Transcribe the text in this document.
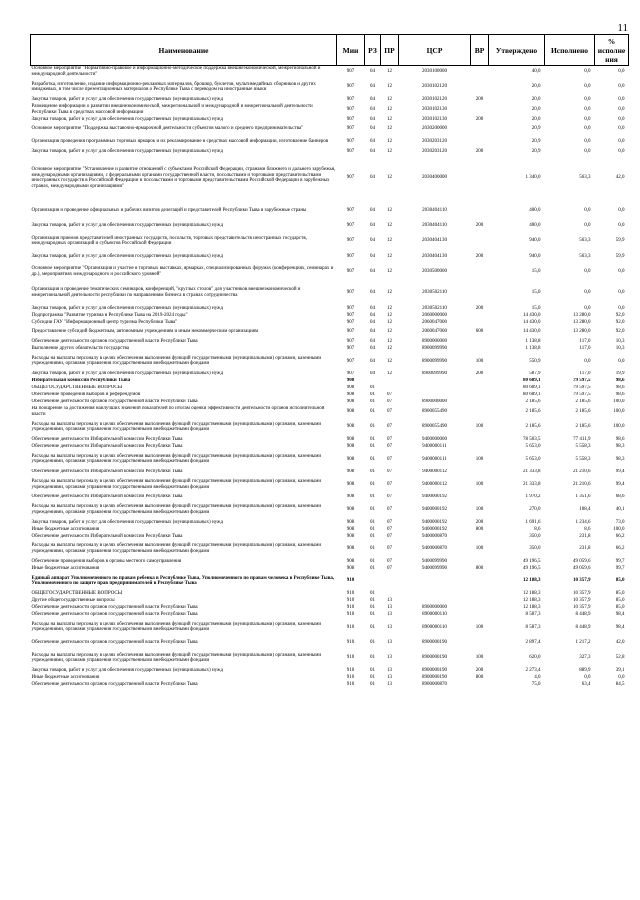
11
Наименование	Мин	РЗ	ПР	ЦСР	ВР	Утверждено	Исполнено	% исполне ния
Основное мероприятие "Нормативно-правовое и информационно-методическое поддержка внешнеэкономической, межрегиональной и международной деятельности"	907	04	12	2030100000		40,0	0,0	0,0
Разработка, изготовление, издание информационно-рекламных материалов, брошюр, буклетов, мультимедийных сборников и других имиджевых, в том числе презентационных материалов о Республике Тыва с переводом на иностранные языки	907	04	12	2030102120		20,0	0,0	0,0
Закупка товаров, работ и услуг для обеспечения государственных (муниципальных) нужд	907	04	12	2030102120	200	20,0	0,0	0,0
Размещение информации о развитии внешнеэкономической, межрегиональной и международной и межрегиональной деятельности Республики Тыва в средствах массовой информации	907	04	12	2030102130		20,0	0,0	0,0
Закупка товаров, работ и услуг для обеспечения государственных (муниципальных) нужд	907	04	12	2030102130	200	20,0	0,0	0,0
Основное мероприятие "Поддержка выставочно-ярмарочной деятельности субъектов малого и среднего предпринимательства"	907	04	12	2030200000		20,9	0,0	0,0
Организация проведения программных торговых ярмарок и их рекламирование в средствах массовой информации, изготовление баннеров	907	04	12	2030203120		20,9	0,0	0,0
Закупка товаров, работ и услуг для обеспечения государственных (муниципальных) нужд	907	04	12	2030203120	200	20,9	0,0	0,0
Основное мероприятие "Установление и развитие отношений с субъектами Российской Федерации, странами ближнего и дальнего зарубежья, международными организациями, с федеральными органами государственной власти, посольствами и торговыми представительствами иностранных государств в Российской Федерации и посольствами и торговыми представительствами Российской Федерации в зарубежных странах, международными организациями"	907	04	12	2030400000		1 340,0	563,3	42,0
Организация и проведение официальных и рабочих визитов делегаций и представителей Республики Тыва в зарубежные страны	907	04	12	2030404110		400,0	0,0	0,0
Закупка товаров, работ и услуг для обеспечения государственных (муниципальных) нужд	907	04	12	2030404110	200	400,0	0,0	0,0
Организация приемов представителей иностранных государств, посольств, торговых представительств иностранных государств, международных организаций и субъектов Российской Федерации	907	04	12	2030404130		940,0	563,3	59,9
Закупка товаров, работ и услуг для обеспечения государственных (муниципальных) нужд	907	04	12	2030404130	200	940,0	563,3	59,9
Основное мероприятие "Организация и участие в торговых выставках, ярмарках, специализированных форумах (конференциях, семинарах и др.), мероприятиях международного и российского уровней"	907	04	12	2030500000		15,0	0,0	0,0
Организация и проведение тематических семинаров, конференций, "круглых столов" для участников внешнеэкономической и межрегиональной деятельности республики по направлениям бизнеса в странах сотрудничества	907	04	12	2030502110		15,0	0,0	0,0
Закупка товаров, работ и услуг для обеспечения государственных (муниципальных) нужд	907	04	12	2030502110	200	15,0	0,0	0,0
Подпрограмма "Развитие туризма в Республике Тыва на 2019-2024 годы"	907	04	12	2060000000		14 430,0	13 280,0	92,0
Субсидии ГАУ "Информационный центр туризма Республики Тыва"	907	04	12	2060047000		14 430,0	13 280,0	92,0
Предоставление субсидий бюджетным, автономным учреждениям и иным некоммерческим организациям	907	04	12	2060047000	600	14 430,0	13 280,0	92,0
Обеспечение деятельности органов государственной власти Республики Тыва	907	04	12	8900000000		1 138,8	117,0	10,3
Выполнение других обязательств государства	907	04	12	8900099990		1 138,8	117,0	10,3
Расходы на выплаты персоналу в целях обеспечения выполнения функций государственными (муниципальными) органами, казенными учреждениями, органами управления государственными внебюджетными фондами	907	04	12	8900099990	100	550,9	0,0	0,0
Закупка товаров, работ и услуг для обеспечения государственных (муниципальных) нужд	907	04	12	8900099990	200	587,9	117,0	19,9
Избирательная комиссия Республики Тыва	908					80 689,1	79 597,5	98,6
ОБЩЕГОСУДАРСТВЕННЫЕ ВОПРОСЫ	908	01				80 689,1	79 597,5	98,6
Обеспечение проведения выборов и референдумов	908	01	07			80 689,1	79 597,5	98,6
Обеспечение деятельности органов государственной власти Республики Тыва	908	01	07	8900000000		2 185,6	2 185,6	100,0
На поощрение за достижения наилучших значений показателей по итогам оценки эффективности деятельности органов исполнительной власти	908	01	07	8900055490		2 185,6	2 185,6	100,0
Расходы на выплаты персоналу в целях обеспечения выполнения функций государственными (муниципальными) органами, казенными учреждениями, органами управления государственными внебюджетными фондами	908	01	07	8900055490	100	2 185,6	2 185,6	100,0
Обеспечение деятельности Избирательной комиссии Республики Тыва	908	01	07	9400000000		78 503,5	77 411,9	98,6
Обеспечение деятельности Избирательной комиссии Республики Тыва	908	01	07	9400000111		5 653,0	5 558,3	98,3
Расходы на выплаты персоналу в целях обеспечения выполнения функций государственными (муниципальными) органами, казенными учреждениями, органами управления государственными внебюджетными фондами	908	01	07	9400000111	100	5 653,0	5 558,3	98,3
Обеспечение деятельности Избирательной комиссии Республики Тыва	908	01	07	9400000112		21 333,8	21 210,6	99,4
Расходы на выплаты персоналу в целях обеспечения выполнения функций государственными (муниципальными) органами, казенными учреждениями, органами управления государственными внебюджетными фондами	908	01	07	9400000112	100	21 333,8	21 210,6	99,4
Обеспечение деятельности Избирательной комиссии Республики Тыва	908	01	07	9400000192		1 970,2	1 351,6	68,6
Расходы на выплаты персоналу в целях обеспечения выполнения функций государственными (муниципальными) органами, казенными учреждениями, органами управления государственными внебюджетными фондами	908	01	07	9400000192	100	270,0	108,4	40,1
Закупка товаров, работ и услуг для обеспечения государственных (муниципальных) нужд	908	01	07	9400000192	200	1 691,6	1 234,6	73,0
Иные бюджетные ассигнования	908	01	07	9400000192	800	8,6	8,6	100,0
Обеспечение деятельности Избирательной комиссии Республики Тыва	908	01	07	9400000870		350,0	231,8	66,2
Расходы на выплаты персоналу в целях обеспечения выполнения функций государственными (муниципальными) органами, казенными учреждениями, органами управления государственными внебюджетными фондами	908	01	07	9400000870	100	350,0	231,8	66,2
Обеспечение проведения выборов в органы местного самоуправления	908	01	07	9400099990		49 196,5	49 059,6	99,7
Иные бюджетные ассигнования	908	01	07	9400099990	800	49 196,5	49 059,6	99,7
Единый аппарат Уполномоченного по правам ребенка в Республике Тыва, Уполномоченного по правам человека в Республике Тыва, Уполномоченного по защите прав предпринимателей в Республике Тыва	910					12 188,3	10 357,9	85,0
ОБЩЕГОСУДАРСТВЕННЫЕ ВОПРОСЫ	910	01				12 188,3	10 357,9	85,0
Другие общегосударственные вопросы	910	01	13			12 188,3	10 357,9	85,0
Обеспечение деятельности органов государственной власти Республики Тыва	910	01	13	8900000000		12 188,3	10 357,9	85,0
Обеспечение деятельности органов государственной власти Республики Тыва	910	01	13	8900000110		8 587,3	8 448,9	98,4
Расходы на выплаты персоналу в целях обеспечения выполнения функций государственными (муниципальными) органами, казенными учреждениями, органами управления государственными внебюджетными фондами	910	01	13	8900000110	100	8 587,3	8 448,9	98,4
Обеспечение деятельности органов государственной власти Республики Тыва	910	01	13	8900000190		2 897,4	1 217,2	42,0
Расходы на выплаты персоналу в целях обеспечения выполнения функций государственными (муниципальными) органами, казенными учреждениями, органами управления государственными внебюджетными фондами	910	01	13	8900000190	100	620,0	327,3	52,8
Закупка товаров, работ и услуг для обеспечения государственных (муниципальных) нужд	910	01	13	8900000190	200	2 273,4	889,9	39,1
Иные бюджетные ассигнования	910	01	13	8900000190	800	4,0	0,0	0,0
Обеспечение деятельности органов государственной власти Республики Тыва	910	01	13	8900000870		75,0	63,4	84,5
